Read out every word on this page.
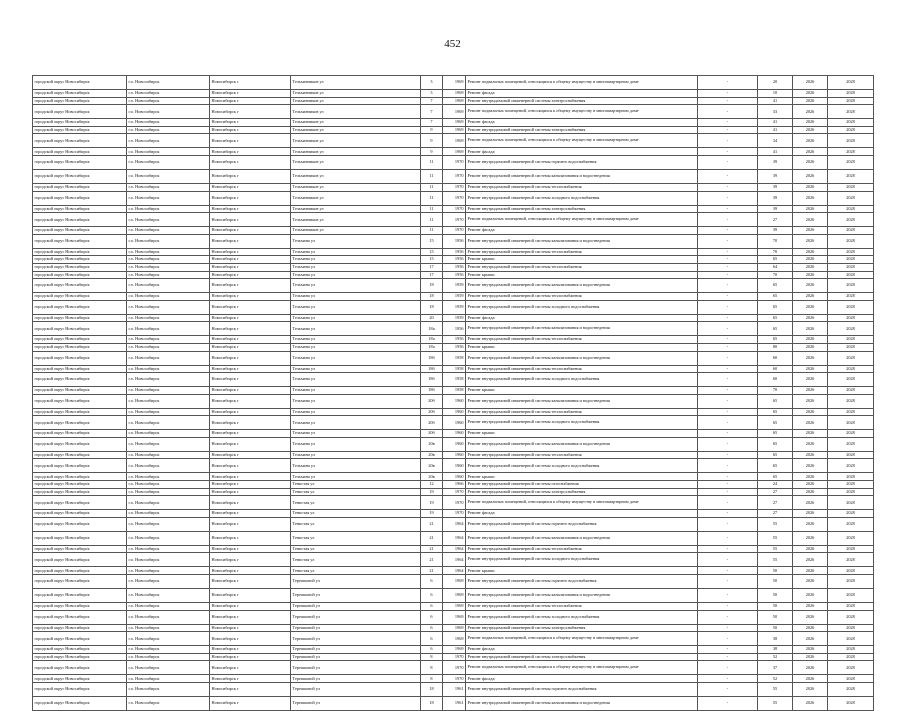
452
городской округ Новосибирск	г.о. Новосибирск	Новосибирск г	Тельманчиков ул	3	1969	Ремонт подвальных помещений, относящихся к общему имуществу в многоквартирном доме	-	20	2026	2028
городской округ Новосибирск	г.о. Новосибирск	Новосибирск г	Тельманчиков ул	3	1969	Ремонт фасада	-	10	2026	2028
городской округ Новосибирск	г.о. Новосибирск	Новосибирск г	Тельманчиков ул	7	1969	Ремонт внутридомовой инженерной системы электроснабжения	-	41	2026	2028
городской округ Новосибирск	г.о. Новосибирск	Новосибирск г	Тельманчиков ул	7	1969	Ремонт подвальных помещений, относящихся к общему имуществу в многоквартирном доме	-	33	2026	2028
городской округ Новосибирск	г.о. Новосибирск	Новосибирск г	Тельманчиков ул	7	1969	Ремонт фасада	-	41	2026	2028
городской округ Новосибирск	г.о. Новосибирск	Новосибирск г	Тельманчиков ул	9	1969	Ремонт внутридомовой инженерной системы электроснабжения	-	41	2026	2028
городской округ Новосибирск	г.о. Новосибирск	Новосибирск г	Тельманчиков ул	9	1969	Ремонт подвальных помещений, относящихся к общему имуществу в многоквартирном доме	-	34	2026	2028
городской округ Новосибирск	г.о. Новосибирск	Новосибирск г	Тельманчиков ул	9	1969	Ремонт фасада	-	41	2026	2028
городской округ Новосибирск	г.о. Новосибирск	Новосибирск г	Тельманчиков ул	11	1970	Ремонт внутридомовой инженерной системы горячего водоснабжения	-	39	2026	2028
городской округ Новосибирск	г.о. Новосибирск	Новосибирск г	Тельманчиков ул	11	1970	Ремонт внутридомовой инженерной системы канализования и водоотведения	-	39	2026	2028
городской округ Новосибирск	г.о. Новосибирск	Новосибирск г	Тельманчиков ул	11	1970	Ремонт внутридомовой инженерной системы теплоснабжения	-	39	2026	2028
городской округ Новосибирск	г.о. Новосибирск	Новосибирск г	Тельманчиков ул	11	1970	Ремонт внутридомовой инженерной системы холодного водоснабжения	-	39	2026	2028
городской округ Новосибирск	г.о. Новосибирск	Новосибирск г	Тельманчиков ул	11	1970	Ремонт внутридомовой инженерной системы электроснабжения	-	39	2026	2028
городской округ Новосибирск	г.о. Новосибирск	Новосибирск г	Тельманчиков ул	11	1970	Ремонт подвальных помещений, относящихся к общему имуществу в многоквартирном доме	-	27	2026	2028
городской округ Новосибирск	г.о. Новосибирск	Новосибирск г	Тельманчиков ул	11	1970	Ремонт фасада	-	39	2026	2028
городской округ Новосибирск	г.о. Новосибирск	Новосибирск г	Тельмана ул	15	1956	Ремонт внутридомовой инженерной системы канализования и водоотведения	-	70	2026	2028
городской округ Новосибирск	г.о. Новосибирск	Новосибирск г	Тельмана ул	15	1956	Ремонт внутридомовой инженерной системы теплоснабжения	-	70	2026	2028
городской округ Новосибирск	г.о. Новосибирск	Новосибирск г	Тельмана ул	15	1956	Ремонт крыши	-	65	2026	2028
городской округ Новосибирск	г.о. Новосибирск	Новосибирск г	Тельмана ул	17	1956	Ремонт внутридомовой инженерной системы теплоснабжения	-	64	2026	2028
городской округ Новосибирск	г.о. Новосибирск	Новосибирск г	Тельмана ул	17	1956	Ремонт крыши	-	70	2026	2028
городской округ Новосибирск	г.о. Новосибирск	Новосибирск г	Тельмана ул	18	1959	Ремонт внутридомовой инженерной системы канализования и водоотведения	-	65	2026	2028
городской округ Новосибирск	г.о. Новосибирск	Новосибирск г	Тельмана ул	18	1959	Ремонт внутридомовой инженерной системы теплоснабжения	-	65	2026	2028
городской округ Новосибирск	г.о. Новосибирск	Новосибирск г	Тельмана ул	18	1959	Ремонт внутридомовой инженерной системы холодного водоснабжения	-	65	2026	2028
городской округ Новосибирск	г.о. Новосибирск	Новосибирск г	Тельмана ул	20	1959	Ремонт фасада	-	65	2026	2028
городской округ Новосибирск	г.о. Новосибирск	Новосибирск г	Тельмана ул	18а	1956	Ремонт внутридомовой инженерной системы канализования и водоотведения	-	65	2026	2028
городской округ Новосибирск	г.о. Новосибирск	Новосибирск г	Тельмана ул	18а	1956	Ремонт внутридомовой инженерной системы теплоснабжения	-	65	2026	2028
городской округ Новосибирск	г.о. Новосибирск	Новосибирск г	Тельмана ул	18а	1956	Ремонт крыши	-	80	2026	2028
городской округ Новосибирск	г.о. Новосибирск	Новосибирск г	Тельмана ул	18б	1958	Ремонт внутридомовой инженерной системы канализования и водоотведения	-	60	2026	2028
городской округ Новосибирск	г.о. Новосибирск	Новосибирск г	Тельмана ул	18б	1958	Ремонт внутридомовой инженерной системы теплоснабжения	-	60	2026	2028
городской округ Новосибирск	г.о. Новосибирск	Новосибирск г	Тельмана ул	18б	1958	Ремонт внутридомовой инженерной системы холодного водоснабжения	-	60	2026	2028
городской округ Новосибирск	г.о. Новосибирск	Новосибирск г	Тельмана ул	18б	1958	Ремонт крыши	-	70	2026	2028
городской округ Новосибирск	г.о. Новосибирск	Новосибирск г	Тельмана ул	20б	1960	Ремонт внутридомовой инженерной системы канализования и водоотведения	-	65	2026	2028
городской округ Новосибирск	г.о. Новосибирск	Новосибирск г	Тельмана ул	20б	1960	Ремонт внутридомовой инженерной системы теплоснабжения	-	65	2026	2028
городской округ Новосибирск	г.о. Новосибирск	Новосибирск г	Тельмана ул	20б	1960	Ремонт внутридомовой инженерной системы холодного водоснабжения	-	65	2026	2028
городской округ Новосибирск	г.о. Новосибирск	Новосибирск г	Тельмана ул	20б	1960	Ремонт крыши	-	65	2026	2028
городской округ Новосибирск	г.о. Новосибирск	Новосибирск г	Тельмана ул	20в	1960	Ремонт внутридомовой инженерной системы канализования и водоотведения	-	65	2026	2028
городской округ Новосибирск	г.о. Новосибирск	Новосибирск г	Тельмана ул	20в	1960	Ремонт внутридомовой инженерной системы теплоснабжения	-	65	2026	2028
городской округ Новосибирск	г.о. Новосибирск	Новосибирск г	Тельмана ул	20в	1960	Ремонт внутридомовой инженерной системы холодного водоснабжения	-	65	2026	2028
городской округ Новосибирск	г.о. Новосибирск	Новосибирск г	Тельмана ул	20в	1960	Ремонт крыши	-	65	2026	2028
городской округ Новосибирск	г.о. Новосибирск	Новосибирск г	Тенистая ул	12	1966	Ремонт внутридомовой инженерной системы газоснабжения	-	24	2026	2028
городской округ Новосибирск	г.о. Новосибирск	Новосибирск г	Тенистая ул	19	1970	Ремонт внутридомовой инженерной системы электроснабжения	-	27	2026	2028
городской округ Новосибирск	г.о. Новосибирск	Новосибирск г	Тенистая ул	19	1970	Ремонт подвальных помещений, относящихся к общему имуществу в многоквартирном доме	-	27	2026	2028
городской округ Новосибирск	г.о. Новосибирск	Новосибирск г	Тенистая ул	19	1970	Ремонт фасада	-	27	2026	2028
городской округ Новосибирск	г.о. Новосибирск	Новосибирск г	Тенистая ул	21	1964	Ремонт внутридомовой инженерной системы горячего водоснабжения	-	55	2026	2028
городской округ Новосибирск	г.о. Новосибирск	Новосибирск г	Тенистая ул	21	1964	Ремонт внутридомовой инженерной системы канализования и водоотведения	-	55	2026	2028
городской округ Новосибирск	г.о. Новосибирск	Новосибирск г	Тенистая ул	21	1964	Ремонт внутридомовой инженерной системы теплоснабжения	-	55	2026	2028
городской округ Новосибирск	г.о. Новосибирск	Новосибирск г	Тенистая ул	21	1964	Ремонт внутридомовой инженерной системы холодного водоснабжения	-	55	2026	2028
городской округ Новосибирск	г.о. Новосибирск	Новосибирск г	Тенистая ул	21	1964	Ремонт крыши	-	50	2026	2028
городской округ Новосибирск	г.о. Новосибирск	Новосибирск г	Терешковой ул	6	1969	Ремонт внутридомовой инженерной системы горячего водоснабжения	-	50	2026	2028
городской округ Новосибирск	г.о. Новосибирск	Новосибирск г	Терешковой ул	6	1969	Ремонт внутридомовой инженерной системы канализования и водоотведения	-	50	2026	2028
городской округ Новосибирск	г.о. Новосибирск	Новосибирск г	Терешковой ул	6	1969	Ремонт внутридомовой инженерной системы теплоснабжения	-	50	2026	2028
городской округ Новосибирск	г.о. Новосибирск	Новосибирск г	Терешковой ул	6	1969	Ремонт внутридомовой инженерной системы холодного водоснабжения	-	50	2026	2028
городской округ Новосибирск	г.о. Новосибирск	Новосибирск г	Терешковой ул	6	1969	Ремонт внутридомовой инженерной системы электроснабжения	-	50	2026	2028
городской округ Новосибирск	г.о. Новосибирск	Новосибирск г	Терешковой ул	6	1969	Ремонт подвальных помещений, относящихся к общему имуществу в многоквартирном доме	-	38	2026	2028
городской округ Новосибирск	г.о. Новосибирск	Новосибирск г	Терешковой ул	6	1969	Ремонт фасада	-	38	2026	2028
городской округ Новосибирск	г.о. Новосибирск	Новосибирск г	Терешковой ул	8	1970	Ремонт внутридомовой инженерной системы электроснабжения	-	52	2026	2028
городской округ Новосибирск	г.о. Новосибирск	Новосибирск г	Терешковой ул	8	1970	Ремонт подвальных помещений, относящихся к общему имуществу в многоквартирном доме	-	37	2026	2028
городской округ Новосибирск	г.о. Новосибирск	Новосибирск г	Терешковой ул	8	1970	Ремонт фасада	-	52	2026	2028
городской округ Новосибирск	г.о. Новосибирск	Новосибирск г	Терешковой ул	18	1961	Ремонт внутридомовой инженерной системы горячего водоснабжения	-	55	2026	2028
городской округ Новосибирск	г.о. Новосибирск	Новосибирск г	Терешковой ул	18	1961	Ремонт внутридомовой инженерной системы канализования и водоотведения	-	55	2026	2028
